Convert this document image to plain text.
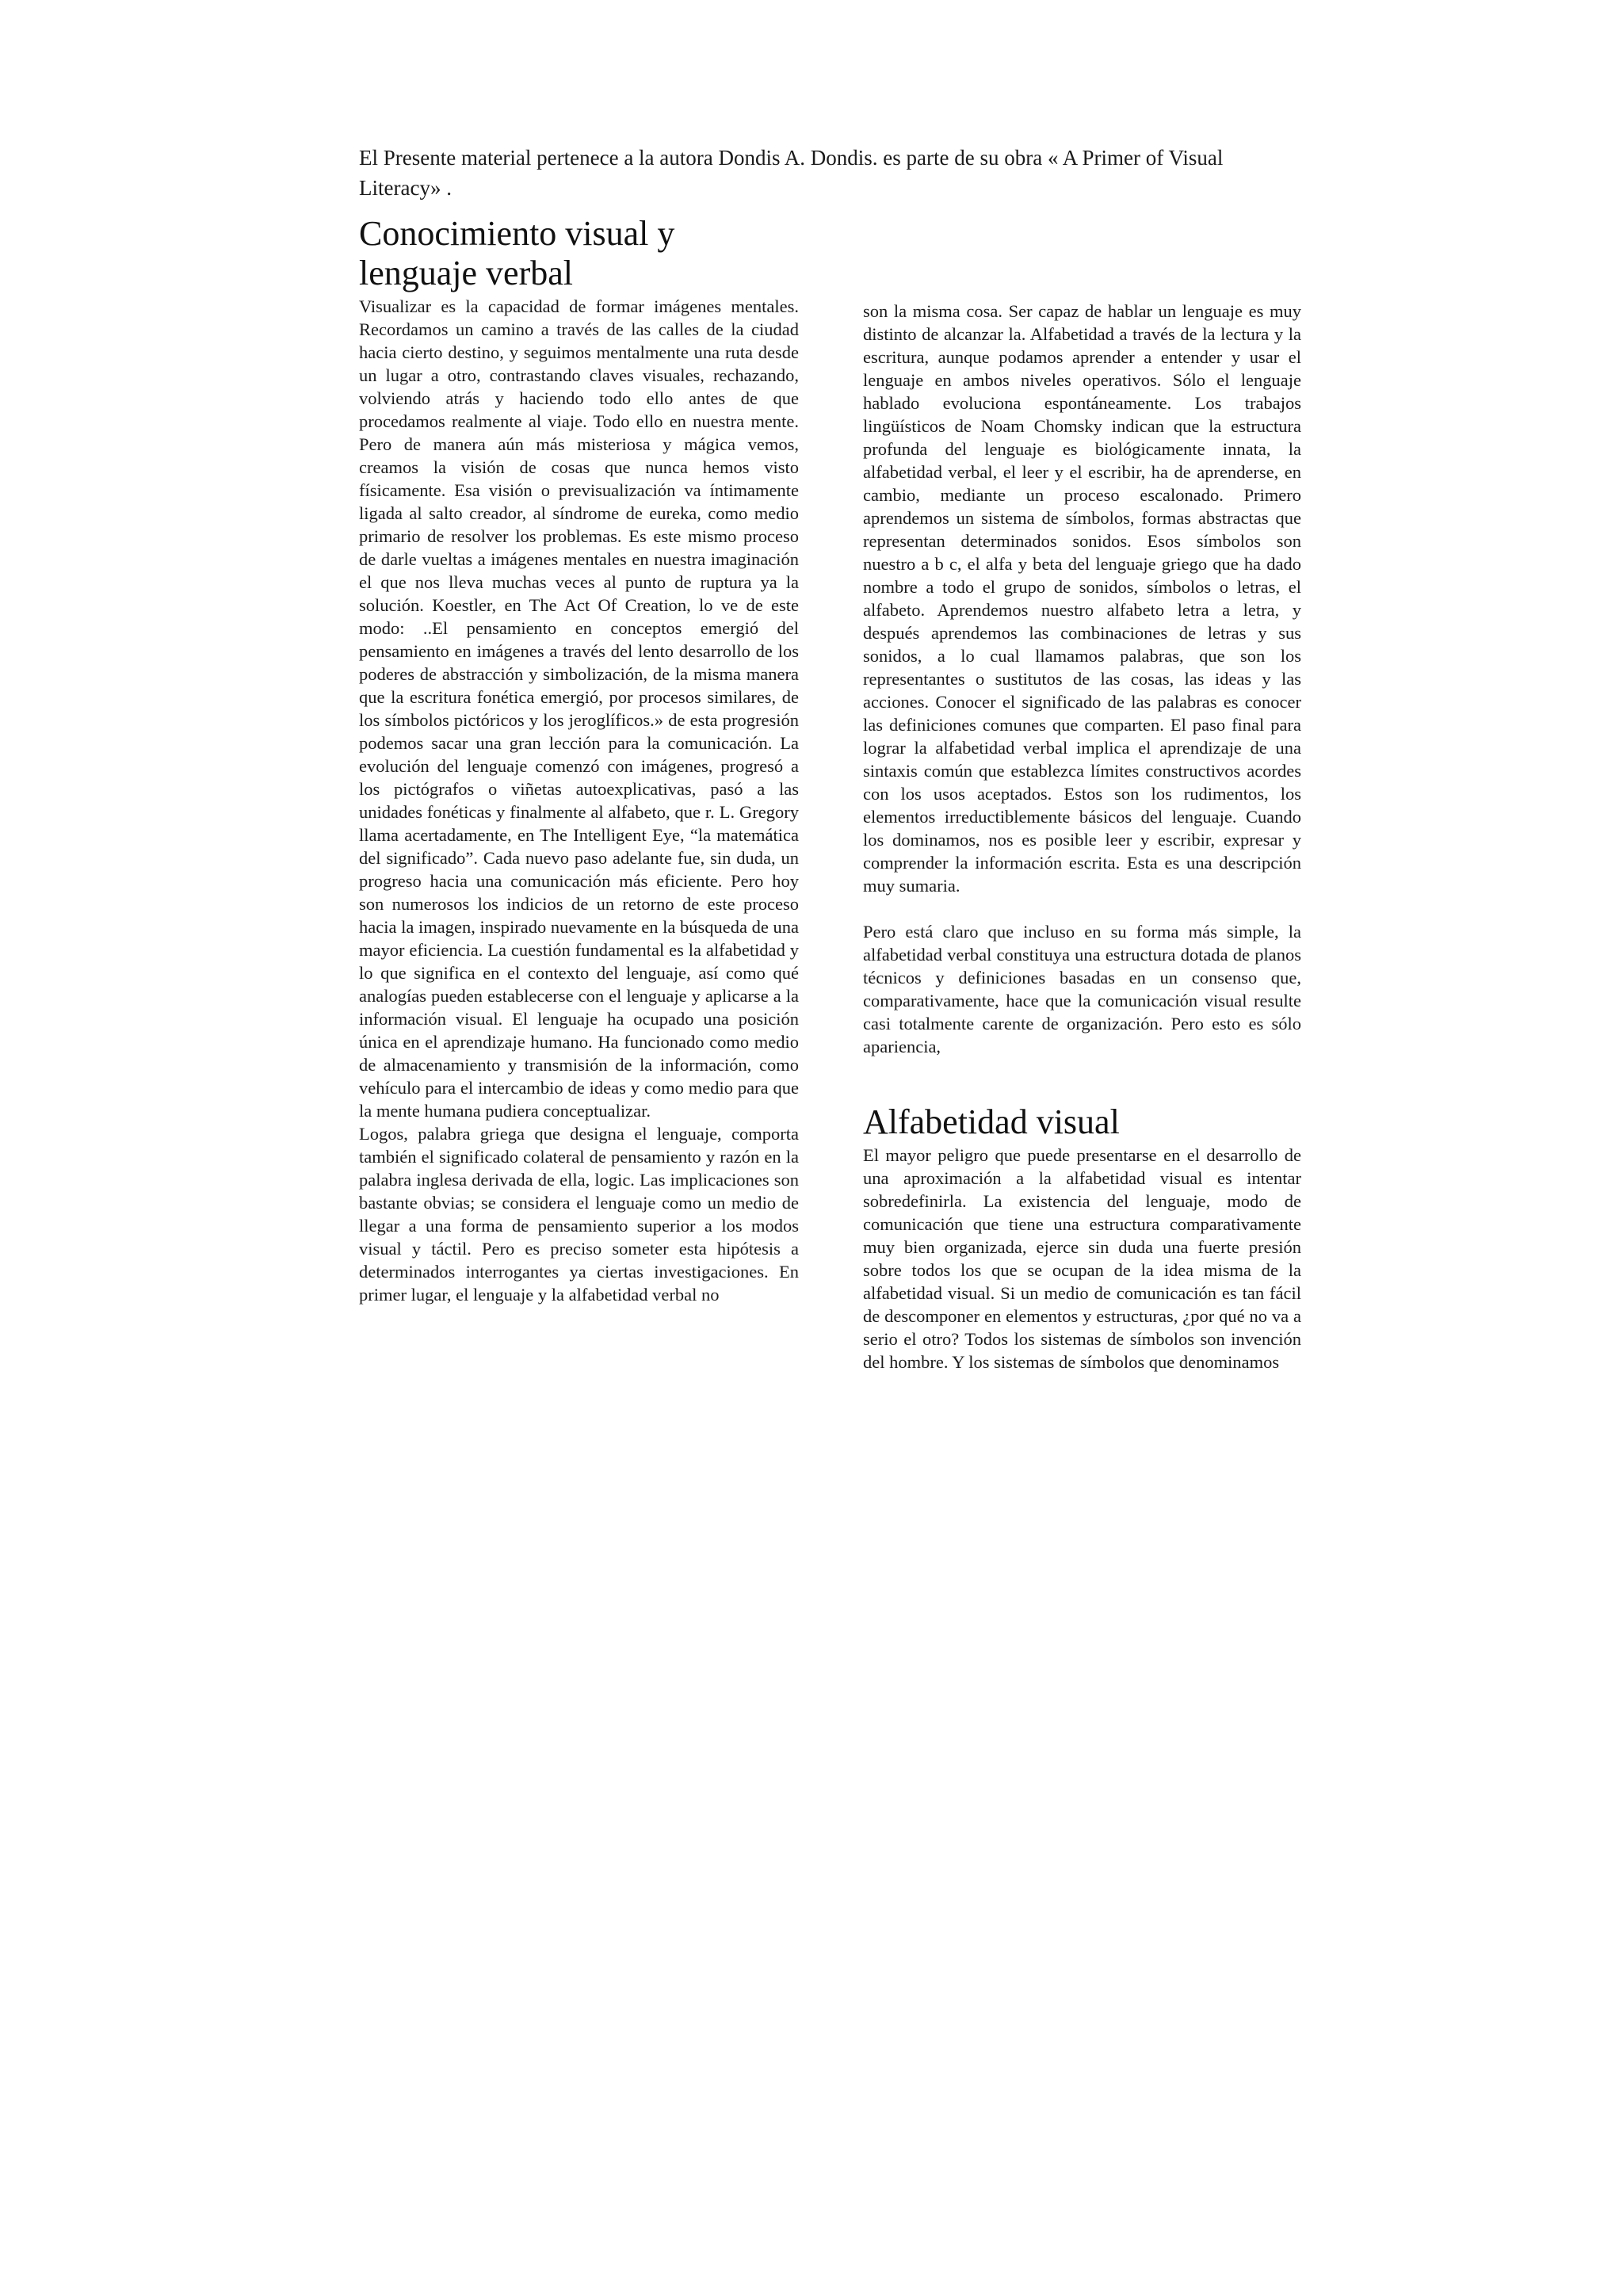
El Presente material pertenece a la autora Dondis A. Dondis. es parte de su obra « A Primer of Visual Literacy» .

Conocimiento visual y lenguaje verbal

Visualizar es la capacidad de formar imágenes mentales. Recordamos un camino a través de las calles de la ciudad hacia cierto destino, y seguimos mentalmente una ruta desde un lugar a otro, contrastando claves visuales, rechazando, volviendo atrás y haciendo todo ello antes de que procedamos realmente al viaje. Todo ello en nuestra mente. Pero de manera aún más misteriosa y mágica vemos, creamos la visión de cosas que nunca hemos visto físicamente. Esa visión o previsualización va íntimamente ligada al salto creador, al síndrome de eureka, como medio primario de resolver los problemas. Es este mismo proceso de darle vueltas a imágenes mentales en nuestra imaginación el que nos lleva muchas veces al punto de ruptura ya la solución. Koestler, en The Act Of Creation, lo ve de este modo: ..El pensamiento en conceptos emergió del pensamiento en imágenes a través del lento desarrollo de los poderes de abstracción y simbolización, de la misma manera que la escritura fonética emergió, por procesos similares, de los símbolos pictóricos y los jeroglíficos.» de esta progresión podemos sacar una gran lección para la comunicación. La evolución del lenguaje comenzó con imágenes, progresó a los pictógrafos o viñetas autoexplicativas, pasó a las unidades fonéticas y finalmente al alfabeto, que r. L. Gregory llama acertadamente, en The Intelligent Eye, “la matemática del significado”. Cada nuevo paso adelante fue, sin duda, un progreso hacia una comunicación más eficiente. Pero hoy son numerosos los indicios de un retorno de este proceso hacia la imagen, inspirado nuevamente en la búsqueda de una mayor eficiencia. La cuestión fundamental es la alfabetidad y lo que significa en el contexto del lenguaje, así como qué analogías pueden establecerse con el lenguaje y aplicarse a la información visual. El lenguaje ha ocupado una posición única en el aprendizaje humano. Ha funcionado como medio de almacenamiento y transmisión de la información, como vehículo para el intercambio de ideas y como medio para que la mente humana pudiera conceptualizar.

Logos, palabra griega que designa el lenguaje, comporta también el significado colateral de pensamiento y razón en la palabra inglesa derivada de ella, logic. Las implicaciones son bastante obvias; se considera el lenguaje como un medio de llegar a una forma de pensamiento superior a los modos visual y táctil. Pero es preciso someter esta hipótesis a determinados interrogantes ya ciertas investigaciones. En primer lugar, el lenguaje y la alfabetidad verbal no

son la misma cosa. Ser capaz de hablar un lenguaje es muy distinto de alcanzar la. Alfabetidad a través de la lectura y la escritura, aunque podamos aprender a entender y usar el lenguaje en ambos niveles operativos. Sólo el lenguaje hablado evoluciona espontáneamente. Los trabajos lingüísticos de Noam Chomsky indican que la estructura profunda del lenguaje es biológicamente innata, la alfabetidad verbal, el leer y el escribir, ha de aprenderse, en cambio, mediante un proceso escalonado. Primero aprendemos un sistema de símbolos, formas abstractas que representan determinados sonidos. Esos símbolos son nuestro a b c, el alfa y beta del lenguaje griego que ha dado nombre a todo el grupo de sonidos, símbolos o letras, el alfabeto. Aprendemos nuestro alfabeto letra a letra, y después aprendemos las combinaciones de letras y sus sonidos, a lo cual llamamos palabras, que son los representantes o sustitutos de las cosas, las ideas y las acciones. Conocer el significado de las palabras es conocer las definiciones comunes que comparten. El paso final para lograr la alfabetidad verbal implica el aprendizaje de una sintaxis común que establezca límites constructivos acordes con los usos aceptados. Estos son los rudimentos, los elementos irreductiblemente básicos del lenguaje. Cuando los dominamos, nos es posible leer y escribir, expresar y comprender la información escrita. Esta es una descripción muy sumaria.

Pero está claro que incluso en su forma más simple, la alfabetidad verbal constituya una estructura dotada de planos técnicos y definiciones basadas en un consenso que, comparativamente, hace que la comunicación visual resulte casi totalmente carente de organización. Pero esto es sólo apariencia,

Alfabetidad visual

El mayor peligro que puede presentarse en el desarrollo de una aproximación a la alfabetidad visual es intentar sobredefinirla. La existencia del lenguaje, modo de comunicación que tiene una estructura comparativamente muy bien organizada, ejerce sin duda una fuerte presión sobre todos los que se ocupan de la idea misma de la alfabetidad visual. Si un medio de comunicación es tan fácil de descomponer en elementos y estructuras, ¿por qué no va a serio el otro? Todos los sistemas de símbolos son invención del hombre. Y los sistemas de símbolos que denominamos
